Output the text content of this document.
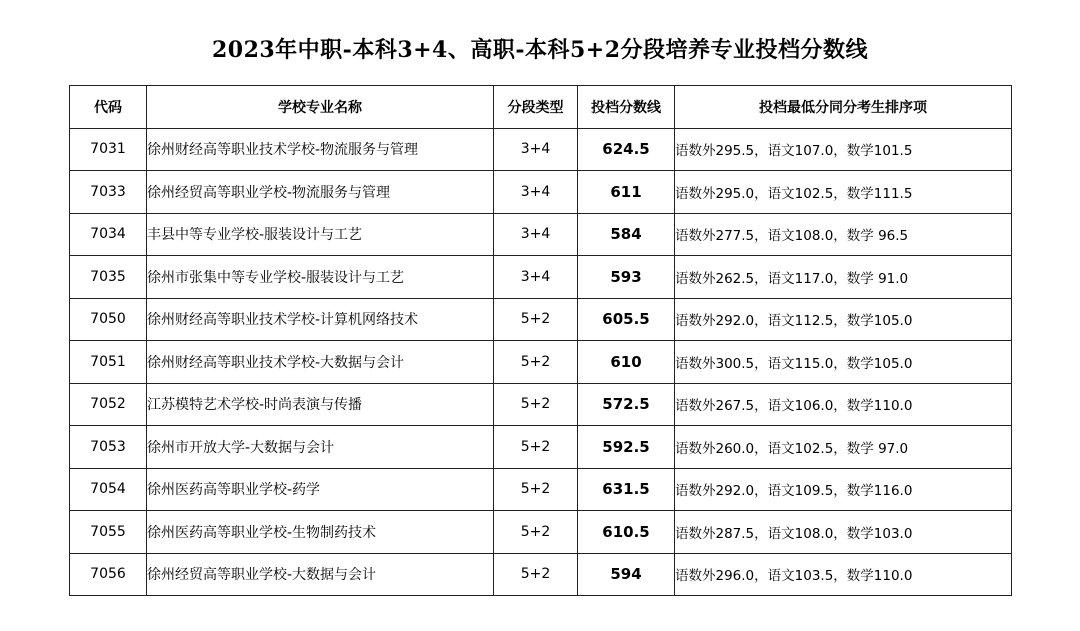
2023年中职-本科3+4、高职-本科5+2分段培养专业投档分数线
代码	学校专业名称	分段类型	投档分数线	投档最低分同分考生排序项
7031	徐州财经高等职业技术学校-物流服务与管理	3+4	624.5	语数外295.5，语文107.0，数学101.5
7033	徐州经贸高等职业学校-物流服务与管理	3+4	611	语数外295.0，语文102.5，数学111.5
7034	丰县中等专业学校-服装设计与工艺	3+4	584	语数外277.5，语文108.0，数学 96.5
7035	徐州市张集中等专业学校-服装设计与工艺	3+4	593	语数外262.5，语文117.0，数学 91.0
7050	徐州财经高等职业技术学校-计算机网络技术	5+2	605.5	语数外292.0，语文112.5，数学105.0
7051	徐州财经高等职业技术学校-大数据与会计	5+2	610	语数外300.5，语文115.0，数学105.0
7052	江苏模特艺术学校-时尚表演与传播	5+2	572.5	语数外267.5，语文106.0，数学110.0
7053	徐州市开放大学-大数据与会计	5+2	592.5	语数外260.0，语文102.5，数学 97.0
7054	徐州医药高等职业学校-药学	5+2	631.5	语数外292.0，语文109.5，数学116.0
7055	徐州医药高等职业学校-生物制药技术	5+2	610.5	语数外287.5，语文108.0，数学103.0
7056	徐州经贸高等职业学校-大数据与会计	5+2	594	语数外296.0，语文103.5，数学110.0
